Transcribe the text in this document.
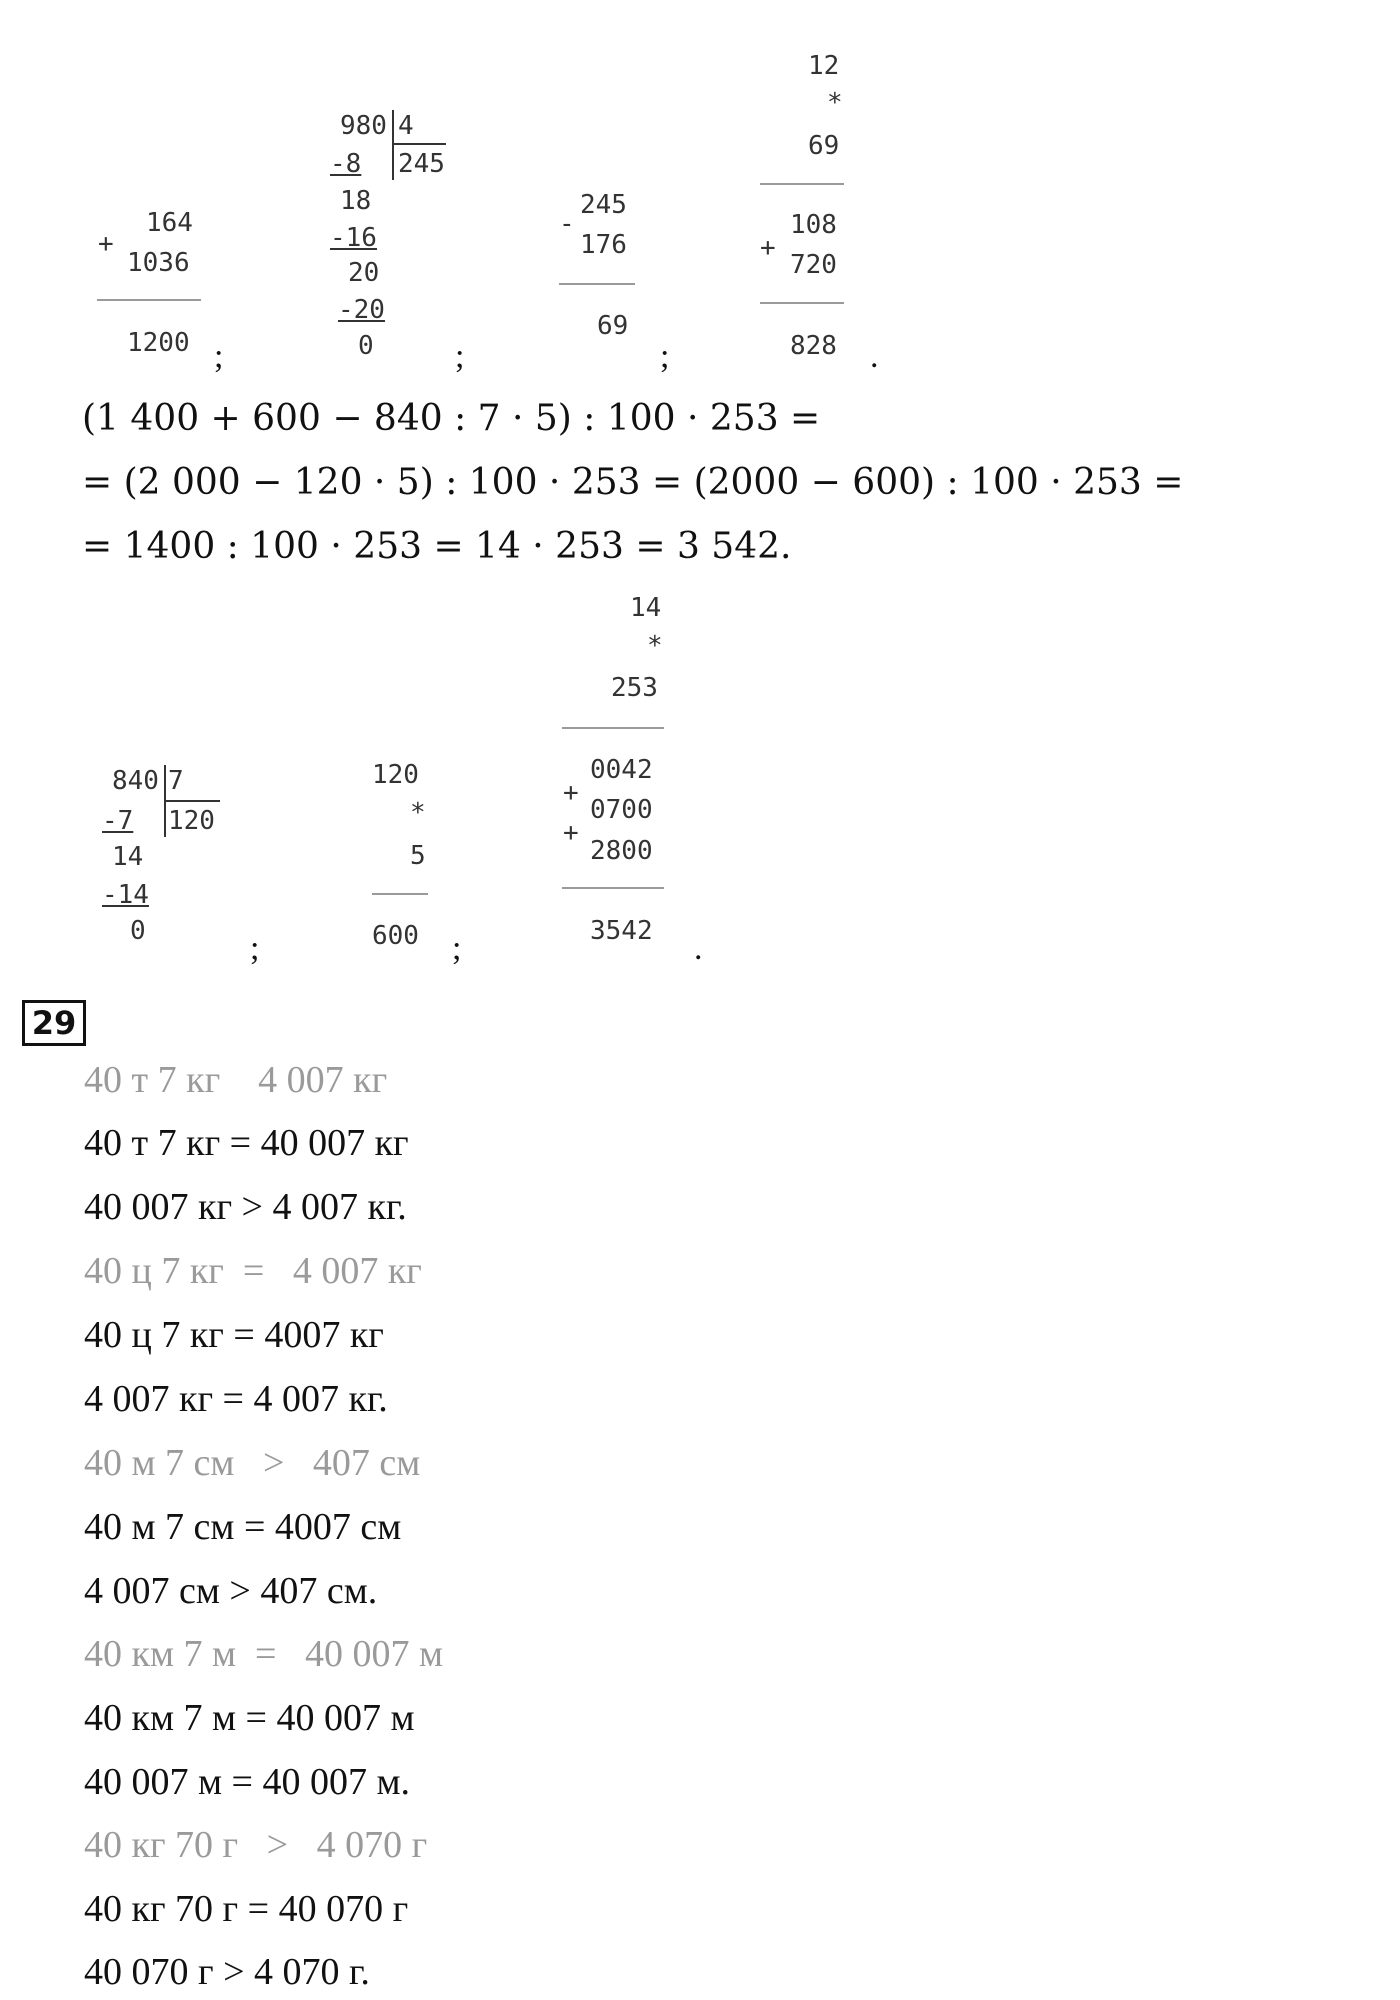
+
164
1036
1200 ;
980 4
245
-8
18
-16
20
-20
0 ;
-
245
176
69
;
12
*
69
+
108
720
828 .
(1 400 + 600 − 840 : 7 · 5) : 100 · 253 =
= (2 000 − 120 · 5) : 100 · 253 = (2000 − 600) : 100 · 253 =
= 1400 : 100 · 253 = 14 · 253 = 3 542.
840 7
120
-7
14
-14
0	;
120
*
5
600 ;
14
*
253
+
+
0042
0700
2800
3542 .
29
40 т 7 кг    4 007 кг
40 т 7 кг = 40 007 кг
40 007 кг > 4 007 кг.
40 ц 7 кг  =   4 007 кг
40 ц 7 кг = 4007 кг
4 007 кг = 4 007 кг.
40 м 7 см   >   407 см
40 м 7 см = 4007 см
4 007 см > 407 см.
40 км 7 м  =   40 007 м
40 км 7 м = 40 007 м
40 007 м = 40 007 м.
40 кг 70 г   >   4 070 г
40 кг 70 г = 40 070 г
40 070 г > 4 070 г.
